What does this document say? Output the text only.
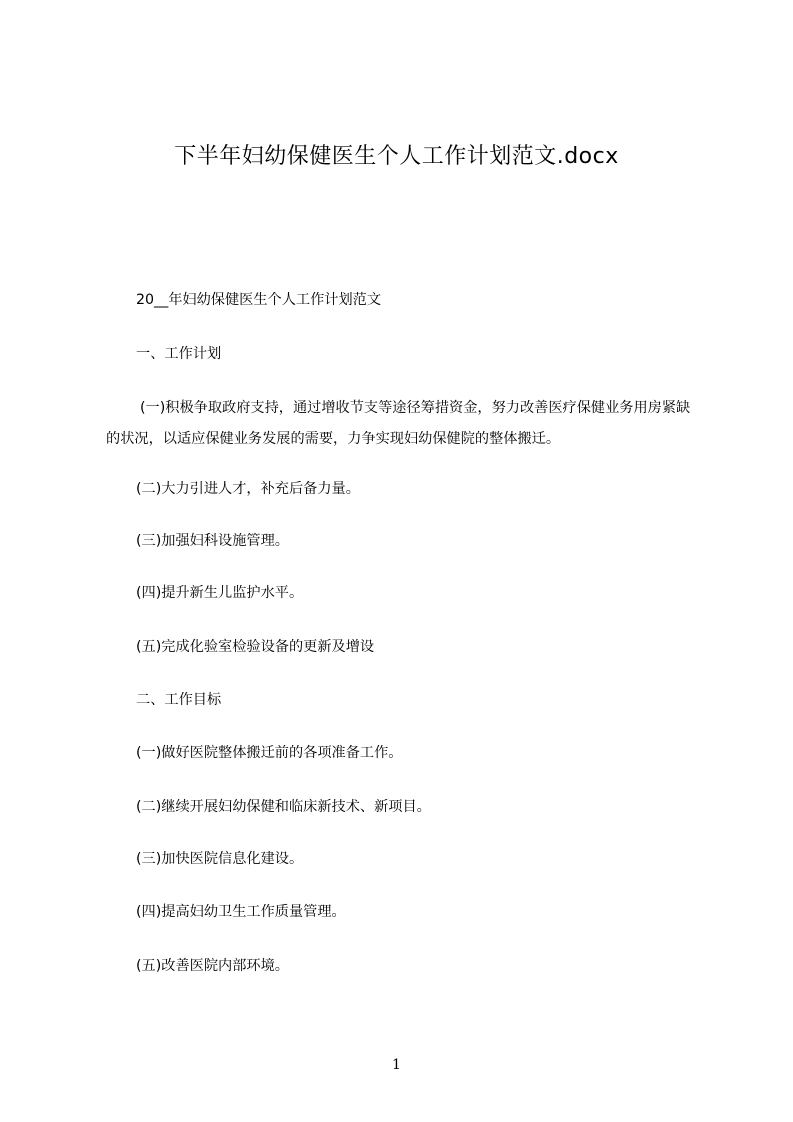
下半年妇幼保健医生个人工作计划范文.docx
20__年妇幼保健医生个人工作计划范文
一、工作计划
(一)积极争取政府支持，通过增收节支等途径筹措资金，努力改善医疗保健业务用房紧缺的状况，以适应保健业务发展的需要，力争实现妇幼保健院的整体搬迁。
(二)大力引进人才，补充后备力量。
(三)加强妇科设施管理。
(四)提升新生儿监护水平。
(五)完成化验室检验设备的更新及增设
二、工作目标
(一)做好医院整体搬迁前的各项准备工作。
(二)继续开展妇幼保健和临床新技术、新项目。
(三)加快医院信息化建设。
(四)提高妇幼卫生工作质量管理。
(五)改善医院内部环境。
1
